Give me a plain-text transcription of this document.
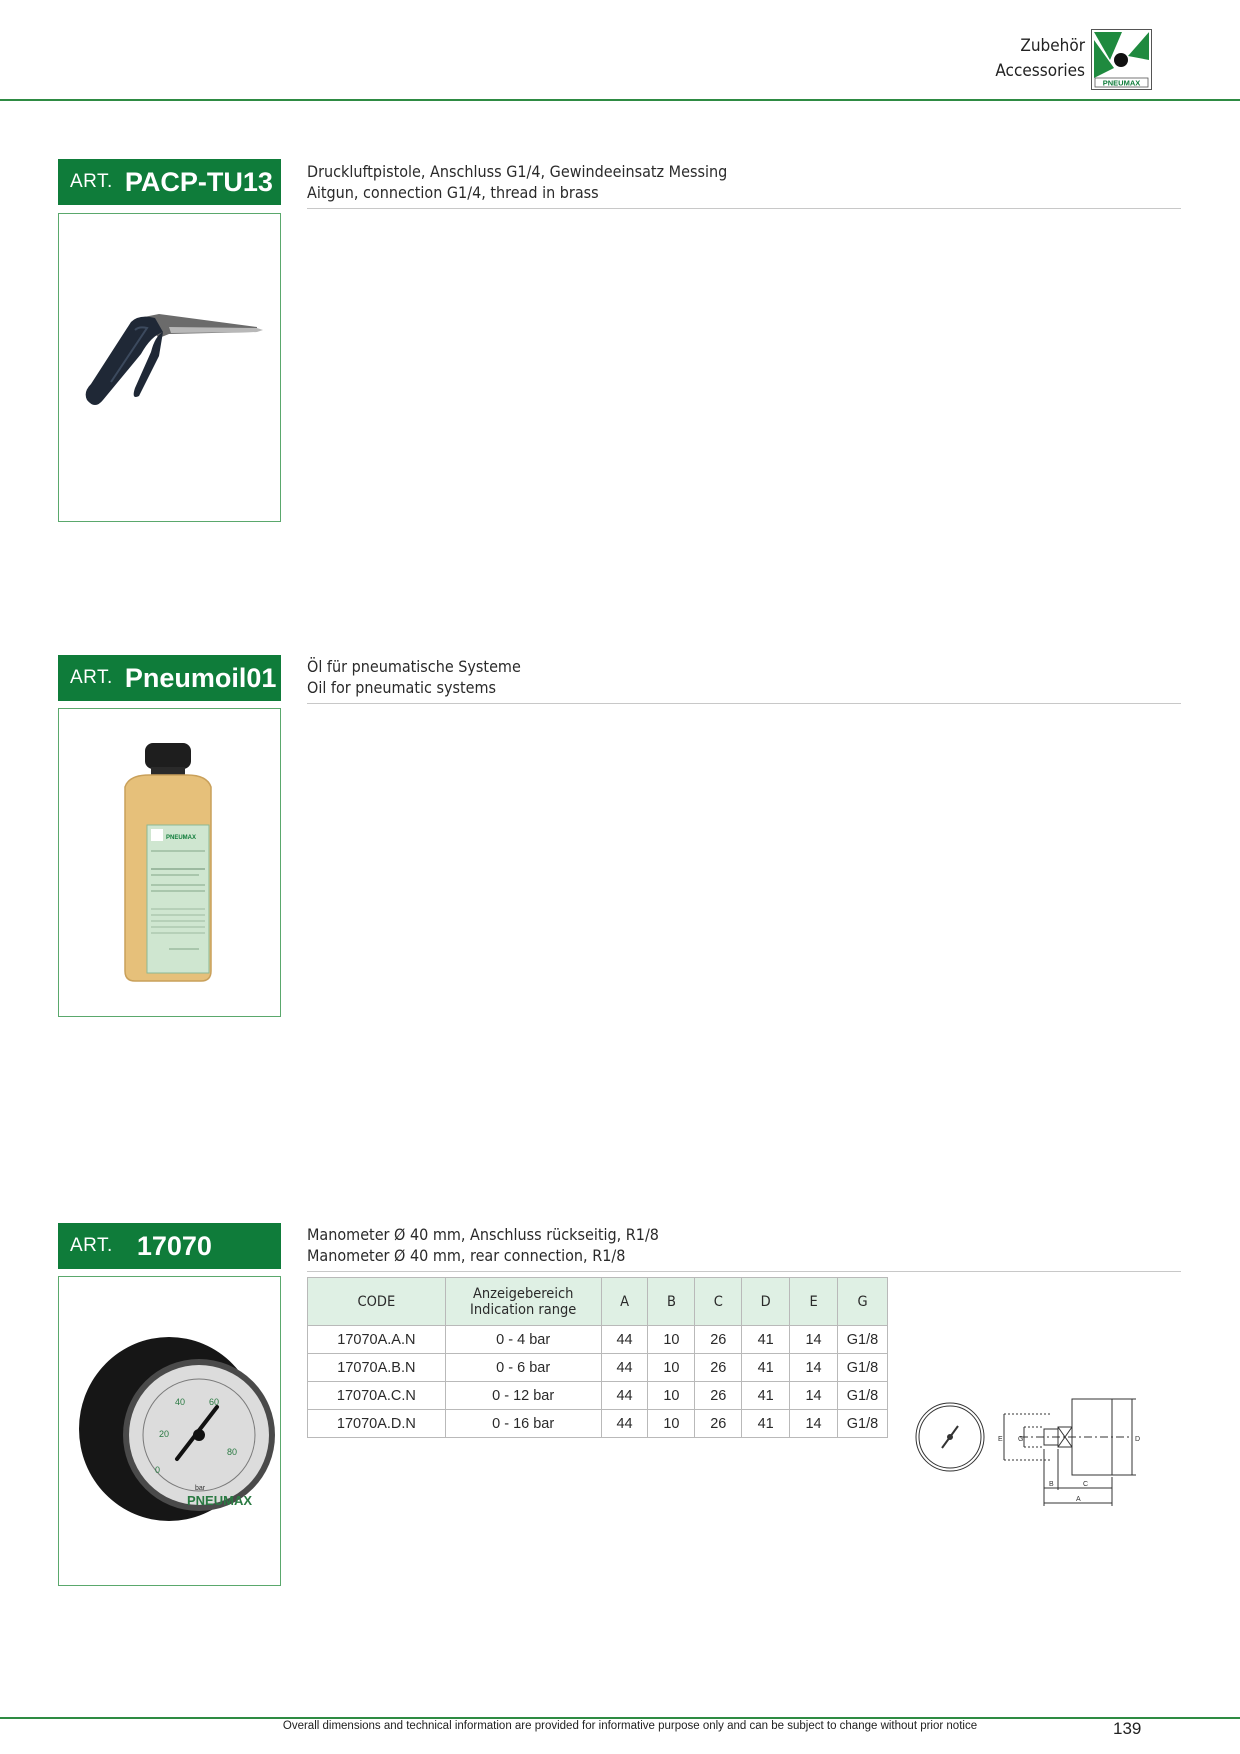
Zubehör
Accessories
PNEUMAX
ART. PACP-TU13 Druckluftpistole, Anschluss G1/4, Gewindeeinsatz Messing
Aitgun, connection G1/4, thread in brass
ART. Pneumoil01 Öl für pneumatische Systeme
Oil for pneumatic systems
PNEUMAX
ART. 17070	Manometer Ø 40 mm, Anschluss rückseitig, R1/8
Manometer Ø 40 mm, rear connection, R1/8
0
20
40	60
80
bar
PNEUMAX
CODE	Anzeigebereich
Indication range	A	B	C	D	E	G
17070A.A.N	0 - 4 bar	44	10	26	41	14	G1/8
17070A.B.N	0 - 6 bar	44	10	26	41	14	G1/8
17070A.C.N	0 - 12 bar	44	10	26	41	14	G1/8
17070A.D.N	0 - 16 bar	44	10	26	41	14	G1/8
E G	D
B	C
A
Overall dimensions and technical information are provided for informative purpose only and can be subject to change without prior notice	139
